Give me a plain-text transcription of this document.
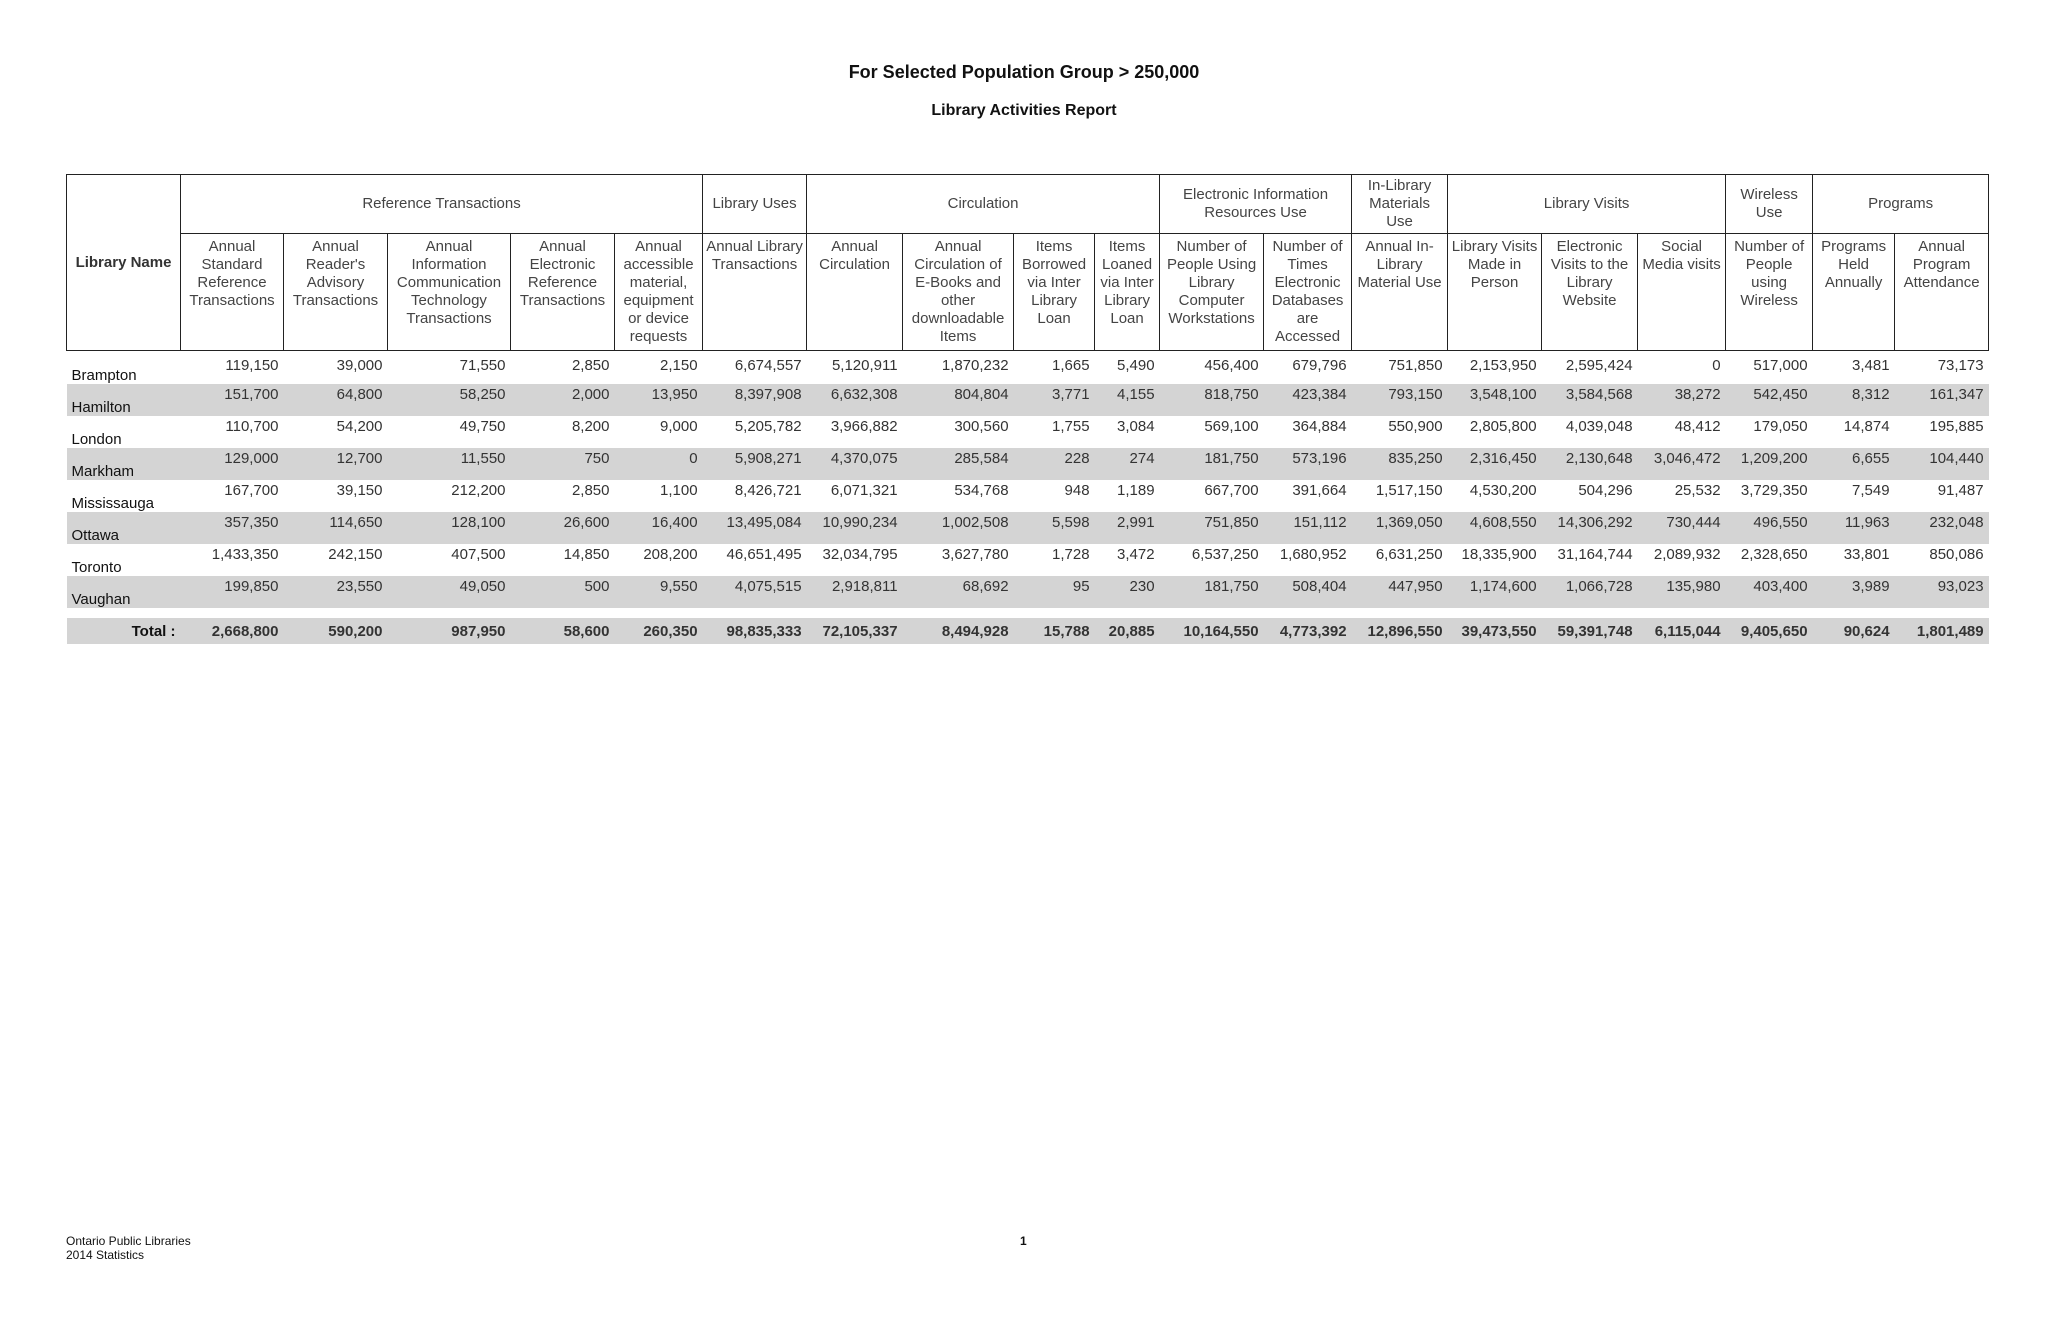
For Selected Population Group > 250,000
Library Activities Report
Library Name	Reference Transactions					Library Uses	Circulation				Electronic Information Resources Use		In-Library Materials Use	Library Visits			Wireless Use	Programs	
	Annual Standard Reference Transactions	Annual Reader's Advisory Transactions	Annual Information Communication Technology Transactions	Annual Electronic Reference Transactions	Annual accessible material, equipment or device requests	Annual Library Transactions	Annual Circulation	Annual Circulation of E-Books and other downloadable Items	Items Borrowed via Inter Library Loan	Items Loaned via Inter Library Loan	Number of People Using Library Computer Workstations	Number of Times Electronic Databases are Accessed	Annual In-Library Material Use	Library Visits Made in Person	Electronic Visits to the Library Website	Social Media visits	Number of People using Wireless	Programs Held Annually	Annual Program Attendance
Brampton	119,150	39,000	71,550	2,850	2,150	6,674,557	5,120,911	1,870,232	1,665	5,490	456,400	679,796	751,850	2,153,950	2,595,424	0	517,000	3,481	73,173
Hamilton	151,700	64,800	58,250	2,000	13,950	8,397,908	6,632,308	804,804	3,771	4,155	818,750	423,384	793,150	3,548,100	3,584,568	38,272	542,450	8,312	161,347
London	110,700	54,200	49,750	8,200	9,000	5,205,782	3,966,882	300,560	1,755	3,084	569,100	364,884	550,900	2,805,800	4,039,048	48,412	179,050	14,874	195,885
Markham	129,000	12,700	11,550	750	0	5,908,271	4,370,075	285,584	228	274	181,750	573,196	835,250	2,316,450	2,130,648	3,046,472	1,209,200	6,655	104,440
Mississauga	167,700	39,150	212,200	2,850	1,100	8,426,721	6,071,321	534,768	948	1,189	667,700	391,664	1,517,150	4,530,200	504,296	25,532	3,729,350	7,549	91,487
Ottawa	357,350	114,650	128,100	26,600	16,400	13,495,084	10,990,234	1,002,508	5,598	2,991	751,850	151,112	1,369,050	4,608,550	14,306,292	730,444	496,550	11,963	232,048
Toronto	1,433,350	242,150	407,500	14,850	208,200	46,651,495	32,034,795	3,627,780	1,728	3,472	6,537,250	1,680,952	6,631,250	18,335,900	31,164,744	2,089,932	2,328,650	33,801	850,086
Vaughan	199,850	23,550	49,050	500	9,550	4,075,515	2,918,811	68,692	95	230	181,750	508,404	447,950	1,174,600	1,066,728	135,980	403,400	3,989	93,023

Total :	2,668,800	590,200	987,950	58,600	260,350	98,835,333	72,105,337	8,494,928	15,788	20,885	10,164,550	4,773,392	12,896,550	39,473,550	59,391,748	6,115,044	9,405,650	90,624	1,801,489
Ontario Public Libraries
2014 Statistics
1
